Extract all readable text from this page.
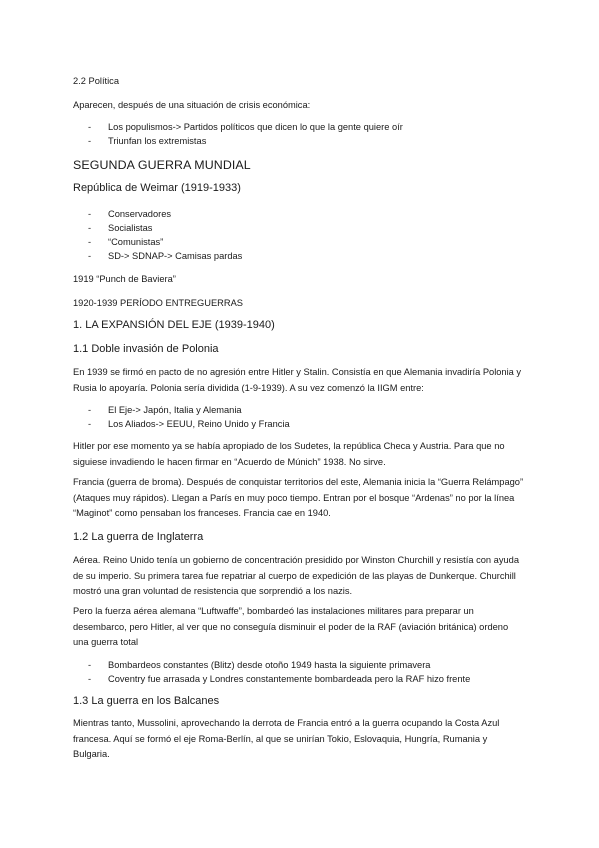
2.2 Política

Aparecen, después de una situación de crisis económica:

- Los populismos-> Partidos políticos que dicen lo que la gente quiere oír
- Triunfan los extremistas

SEGUNDA GUERRA MUNDIAL

República de Weimar (1919-1933)

- Conservadores
- Socialistas
- “Comunistas”
- SD-> SDNAP-> Camisas pardas

1919 “Punch de Baviera”

1920-1939 PERÍODO ENTREGUERRAS

1. LA EXPANSIÓN DEL EJE (1939-1940)

1.1 Doble invasión de Polonia

En 1939 se firmó en pacto de no agresión entre Hitler y Stalin. Consistía en que Alemania invadiría Polonia y Rusia lo apoyaría. Polonia sería dividida (1-9-1939). A su vez comenzó la IIGM entre:

- El Eje-> Japón, Italia y Alemania
- Los Aliados-> EEUU, Reino Unido y Francia

Hitler por ese momento ya se había apropiado de los Sudetes, la república Checa y Austria. Para que no siguiese invadiendo le hacen firmar en “Acuerdo de Múnich” 1938. No sirve.

Francia (guerra de broma). Después de conquistar territorios del este, Alemania inicia la “Guerra Relámpago” (Ataques muy rápidos). Llegan a París en muy poco tiempo. Entran por el bosque “Ardenas” no por la línea “Maginot” como pensaban los franceses. Francia cae en 1940.

1.2 La guerra de Inglaterra

Aérea. Reino Unido tenía un gobierno de concentración presidido por Winston Churchill y resistía con ayuda de su imperio. Su primera tarea fue repatriar al cuerpo de expedición de las playas de Dunkerque. Churchill mostró una gran voluntad de resistencia que sorprendió a los nazis.

Pero la fuerza aérea alemana “Luftwaffe”, bombardeó las instalaciones militares para preparar un desembarco, pero Hitler, al ver que no conseguía disminuir el poder de la RAF (aviación británica) ordeno una guerra total

- Bombardeos constantes (Blitz) desde otoño 1949 hasta la siguiente primavera
- Coventry fue arrasada y Londres constantemente bombardeada pero la RAF hizo frente

1.3 La guerra en los Balcanes

Mientras tanto, Mussolini, aprovechando la derrota de Francia entró a la guerra ocupando la Costa Azul francesa. Aquí se formó el eje Roma-Berlín, al que se unirían Tokio, Eslovaquia, Hungría, Rumania y Bulgaria.
